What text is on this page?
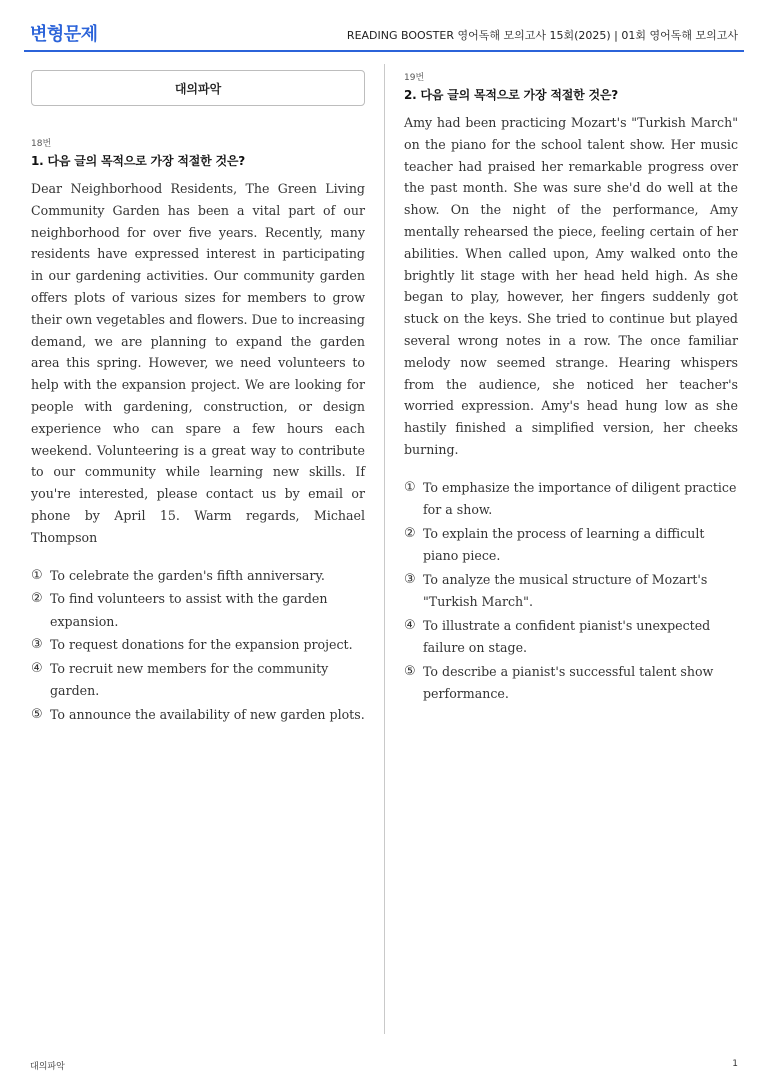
변형문제	READING BOOSTER 영어독해 모의고사 15회(2025) | 01회 영어독해 모의고사
대의파악
18번
1. 다음 글의 목적으로 가장 적절한 것은?
Dear Neighborhood Residents, The Green Living Community Garden has been a vital part of our neighborhood for over five years. Recently, many residents have expressed interest in participating in our gardening activities. Our community garden offers plots of various sizes for members to grow their own vegetables and flowers. Due to increasing demand, we are planning to expand the garden area this spring. However, we need volunteers to help with the expansion project. We are looking for people with gardening, construction, or design experience who can spare a few hours each weekend. Volunteering is a great way to contribute to our community while learning new skills. If you're interested, please contact us by email or phone by April 15. Warm regards, Michael Thompson
① To celebrate the garden's fifth anniversary.
② To find volunteers to assist with the garden expansion.
③ To request donations for the expansion project.
④ To recruit new members for the community garden.
⑤ To announce the availability of new garden plots.
19번
2. 다음 글의 목적으로 가장 적절한 것은?
Amy had been practicing Mozart's "Turkish March" on the piano for the school talent show. Her music teacher had praised her remarkable progress over the past month. She was sure she'd do well at the show. On the night of the performance, Amy mentally rehearsed the piece, feeling certain of her abilities. When called upon, Amy walked onto the brightly lit stage with her head held high. As she began to play, however, her fingers suddenly got stuck on the keys. She tried to continue but played several wrong notes in a row. The once familiar melody now seemed strange. Hearing whispers from the audience, she noticed her teacher's worried expression. Amy's head hung low as she hastily finished a simplified version, her cheeks burning.
① To emphasize the importance of diligent practice for a show.
② To explain the process of learning a difficult piano piece.
③ To analyze the musical structure of Mozart's "Turkish March".
④ To illustrate a confident pianist's unexpected failure on stage.
⑤ To describe a pianist's successful talent show performance.
대의파악	1
